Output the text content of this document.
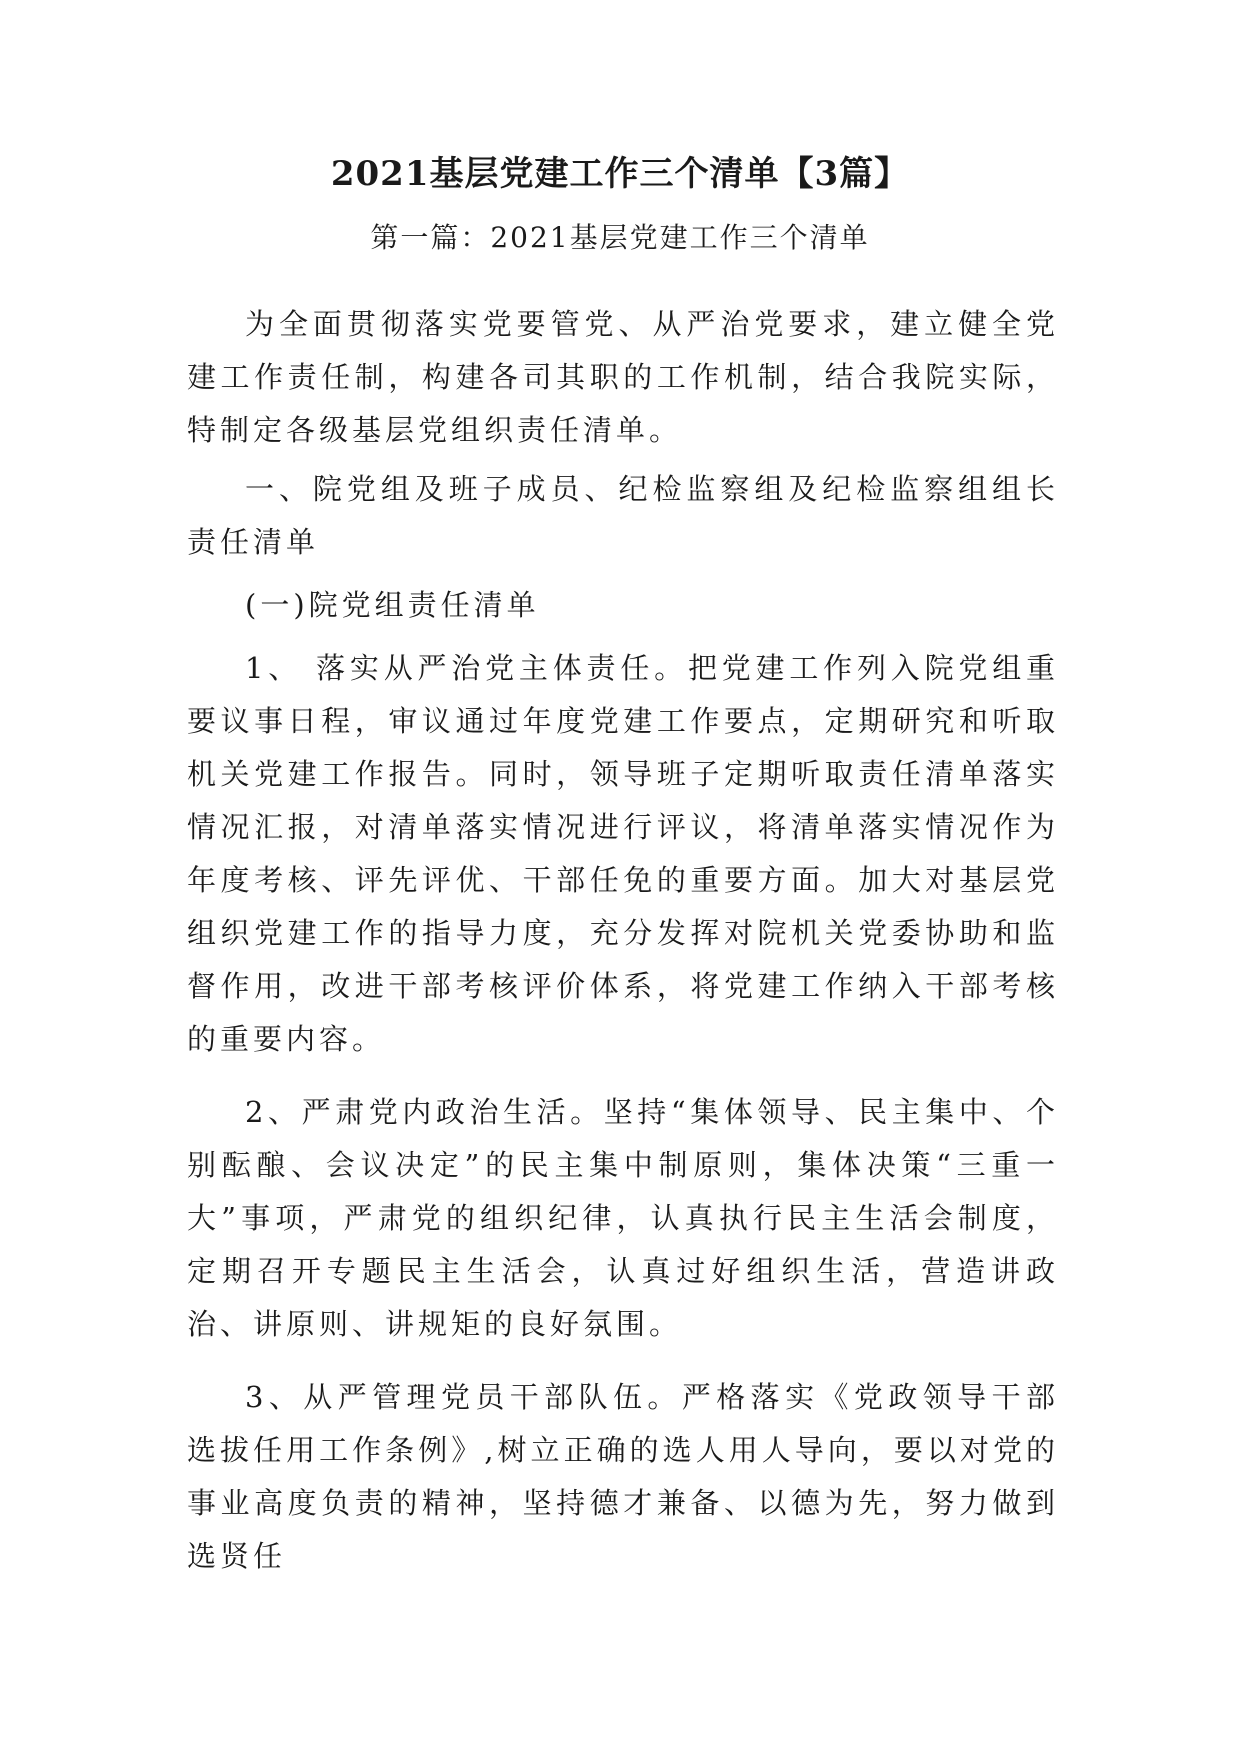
2021基层党建工作三个清单【3篇】
第一篇：2021基层党建工作三个清单

为全面贯彻落实党要管党、从严治党要求，建立健全党建工作责任制，构建各司其职的工作机制，结合我院实际，特制定各级基层党组织责任清单。

一、院党组及班子成员、纪检监察组及纪检监察组组长责任清单

(一)院党组责任清单

1、 落实从严治党主体责任。把党建工作列入院党组重要议事日程，审议通过年度党建工作要点，定期研究和听取机关党建工作报告。同时，领导班子定期听取责任清单落实情况汇报，对清单落实情况进行评议，将清单落实情况作为年度考核、评先评优、干部任免的重要方面。加大对基层党组织党建工作的指导力度，充分发挥对院机关党委协助和监督作用，改进干部考核评价体系，将党建工作纳入干部考核的重要内容。

2、严肃党内政治生活。坚持“集体领导、民主集中、个别酝酿、会议决定”的民主集中制原则，集体决策“三重一大”事项，严肃党的组织纪律，认真执行民主生活会制度，定期召开专题民主生活会，认真过好组织生活，营造讲政治、讲原则、讲规矩的良好氛围。

3、从严管理党员干部队伍。严格落实《党政领导干部选拔任用工作条例》,树立正确的选人用人导向，要以对党的事业高度负责的精神，坚持德才兼备、以德为先，努力做到选贤任
